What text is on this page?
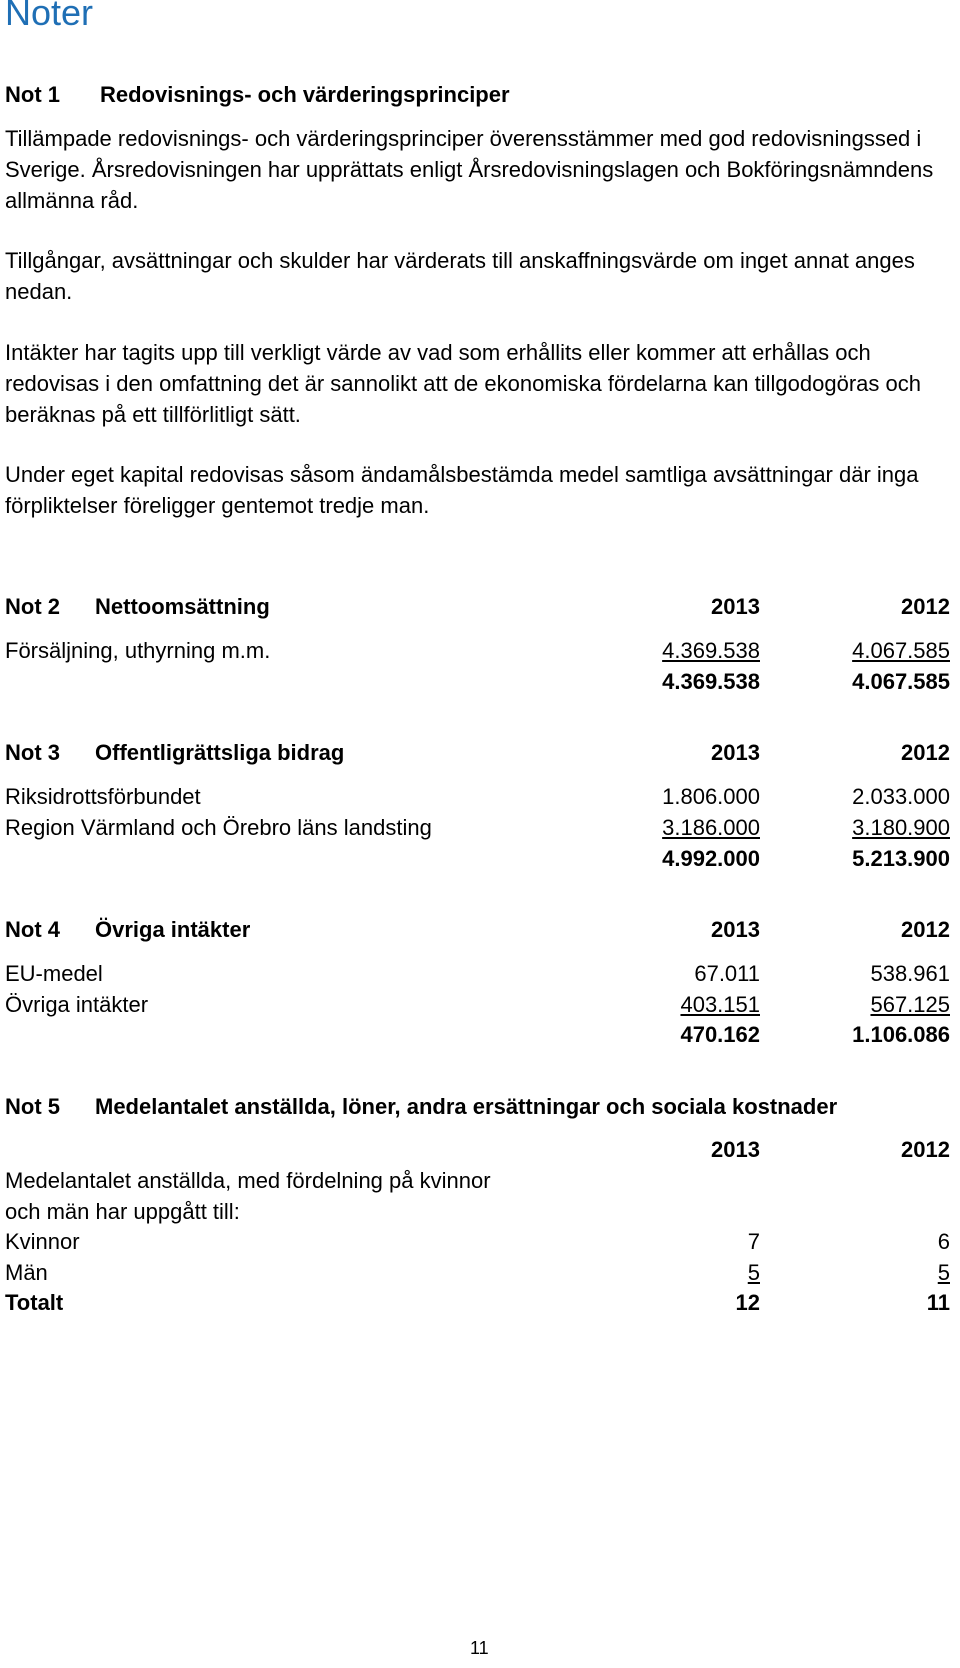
Noter
Not 1 Redovisnings- och värderingsprinciper

Tillämpade redovisnings- och värderingsprinciper överensstämmer med god redovisningssed i Sverige. Årsredovisningen har upprättats enligt Årsredovisningslagen och Bokföringsnämndens allmänna råd.

Tillgångar, avsättningar och skulder har värderats till anskaffningsvärde om inget annat anges nedan.

Intäkter har tagits upp till verkligt värde av vad som erhållits eller kommer att erhållas och redovisas i den omfattning det är sannolikt att de ekonomiska fördelarna kan tillgodogöras och beräknas på ett tillförlitligt sätt.

Under eget kapital redovisas såsom ändamålsbestämda medel samtliga avsättningar där inga förpliktelser föreligger gentemot tredje man.

Not 2 Nettoomsättning	2013	2012
Försäljning, uthyrning m.m.	4.369.538	4.067.585
4.369.538	4.067.585
Not 3 Offentligrättsliga bidrag	2013	2012
Riksidrottsförbundet	1.806.000	2.033.000
Region Värmland och Örebro läns landsting	3.186.000	3.180.900
4.992.000	5.213.900
Not 4 Övriga intäkter	2013	2012
EU-medel	67.011	538.961
Övriga intäkter	403.151	567.125
470.162	1.106.086
Not 5 Medelantalet anställda, löner, andra ersättningar och sociala kostnader
2013	2012
Medelantalet anställda, med fördelning på kvinnor
och män har uppgått till:
Kvinnor	7	6
Män	5	5
Totalt	12	11
11
